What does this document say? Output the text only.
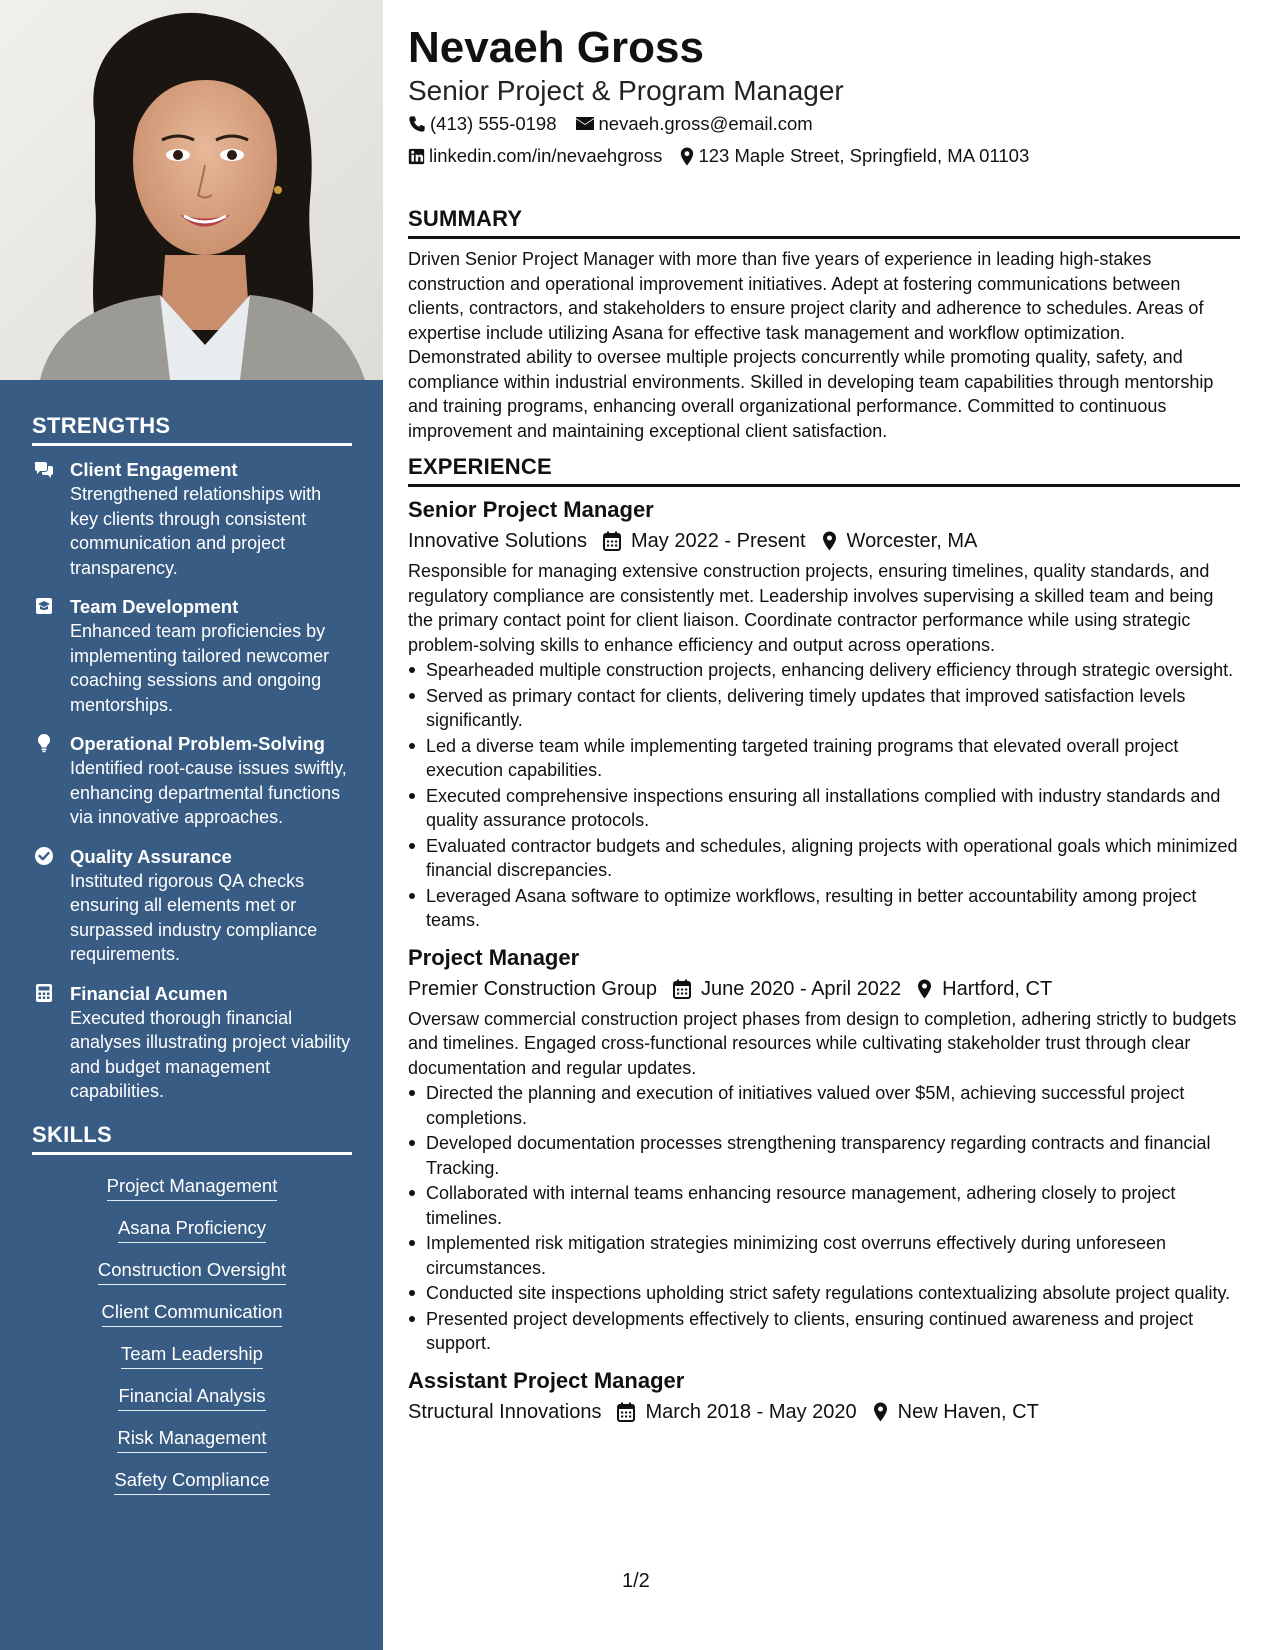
STRENGTHS
Client Engagement
Strengthened relationships with key clients through consistent communication and project transparency.
Team Development
Enhanced team proficiencies by implementing tailored newcomer coaching sessions and ongoing mentorships.
Operational Problem-Solving
Identified root-cause issues swiftly, enhancing departmental functions via innovative approaches.
Quality Assurance
Instituted rigorous QA checks ensuring all elements met or surpassed industry compliance requirements.
Financial Acumen
Executed thorough financial analyses illustrating project viability and budget management capabilities.
SKILLS
Project Management
Asana Proficiency
Construction Oversight
Client Communication
Team Leadership
Financial Analysis
Risk Management
Safety Compliance
Nevaeh Gross
Senior Project & Program Manager
(413) 555-0198 nevaeh.gross@email.com
linkedin.com/in/nevaehgross 123 Maple Street, Springfield, MA 01103
SUMMARY
Driven Senior Project Manager with more than five years of experience in leading high-stakes construction and operational improvement initiatives. Adept at fostering communications between clients, contractors, and stakeholders to ensure project clarity and adherence to schedules. Areas of expertise include utilizing Asana for effective task management and workflow optimization. Demonstrated ability to oversee multiple projects concurrently while promoting quality, safety, and compliance within industrial environments. Skilled in developing team capabilities through mentorship and training programs, enhancing overall organizational performance. Committed to continuous improvement and maintaining exceptional client satisfaction.
EXPERIENCE
Senior Project Manager
Innovative Solutions May 2022 - Present Worcester, MA
Responsible for managing extensive construction projects, ensuring timelines, quality standards, and regulatory compliance are consistently met. Leadership involves supervising a skilled team and being the primary contact point for client liaison. Coordinate contractor performance while using strategic problem-solving skills to enhance efficiency and output across operations.
Spearheaded multiple construction projects, enhancing delivery efficiency through strategic oversight.
Served as primary contact for clients, delivering timely updates that improved satisfaction levels significantly.
Led a diverse team while implementing targeted training programs that elevated overall project execution capabilities.
Executed comprehensive inspections ensuring all installations complied with industry standards and quality assurance protocols.
Evaluated contractor budgets and schedules, aligning projects with operational goals which minimized financial discrepancies.
Leveraged Asana software to optimize workflows, resulting in better accountability among project teams.
Project Manager
Premier Construction Group June 2020 - April 2022 Hartford, CT
Oversaw commercial construction project phases from design to completion, adhering strictly to budgets and timelines. Engaged cross-functional resources while cultivating stakeholder trust through clear documentation and regular updates.
Directed the planning and execution of initiatives valued over $5M, achieving successful project completions.
Developed documentation processes strengthening transparency regarding contracts and financial Tracking.
Collaborated with internal teams enhancing resource management, adhering closely to project timelines.
Implemented risk mitigation strategies minimizing cost overruns effectively during unforeseen circumstances.
Conducted site inspections upholding strict safety regulations contextualizing absolute project quality.
Presented project developments effectively to clients, ensuring continued awareness and project support.
Assistant Project Manager
Structural Innovations March 2018 - May 2020 New Haven, CT
1/2
